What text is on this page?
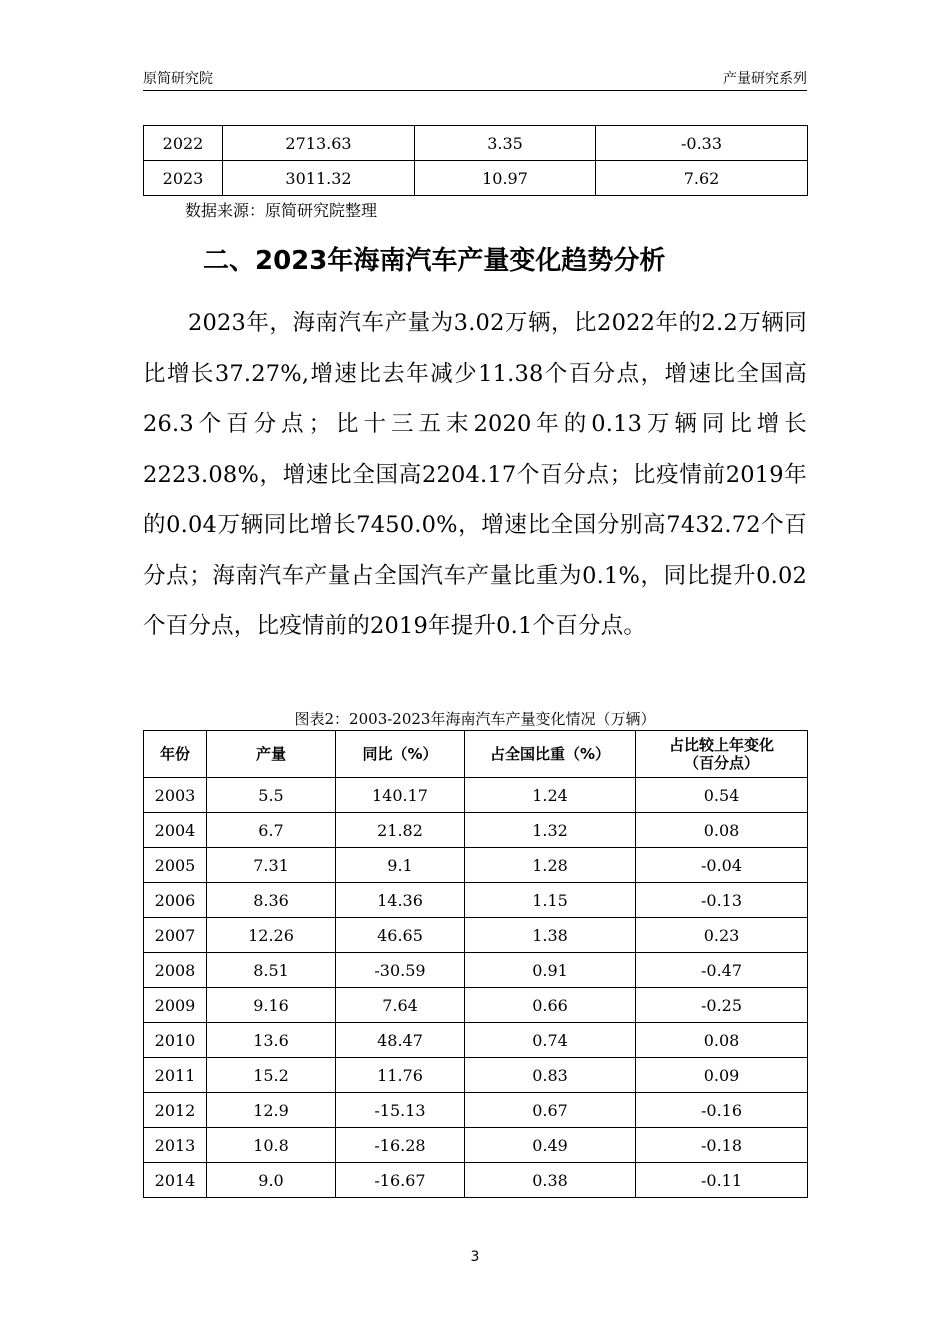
原简研究院	产量研究系列
2022	2713.63	3.35	-0.33
2023	3011.32	10.97	7.62
数据来源：原简研究院整理
二、2023年海南汽车产量变化趋势分析

2023年，海南汽车产量为3.02万辆，比2022年的2.2万辆同比增长37.27%,增速比去年减少11.38个百分点，增速比全国高26.3个百分点；比十三五末2020年的0.13万辆同比增长2223.08%，增速比全国高2204.17个百分点；比疫情前2019年的0.04万辆同比增长7450.0%，增速比全国分别高7432.72个百分点；海南汽车产量占全国汽车产量比重为0.1%，同比提升0.02个百分点，比疫情前的2019年提升0.1个百分点。

图表2：2003-2023年海南汽车产量变化情况（万辆）
年份	产量	同比（%）	占全国比重（%）	占比较上年变化
（百分点）
2003	5.5	140.17	1.24	0.54
2004	6.7	21.82	1.32	0.08
2005	7.31	9.1	1.28	-0.04
2006	8.36	14.36	1.15	-0.13
2007	12.26	46.65	1.38	0.23
2008	8.51	-30.59	0.91	-0.47
2009	9.16	7.64	0.66	-0.25
2010	13.6	48.47	0.74	0.08
2011	15.2	11.76	0.83	0.09
2012	12.9	-15.13	0.67	-0.16
2013	10.8	-16.28	0.49	-0.18
2014	9.0	-16.67	0.38	-0.11
3
